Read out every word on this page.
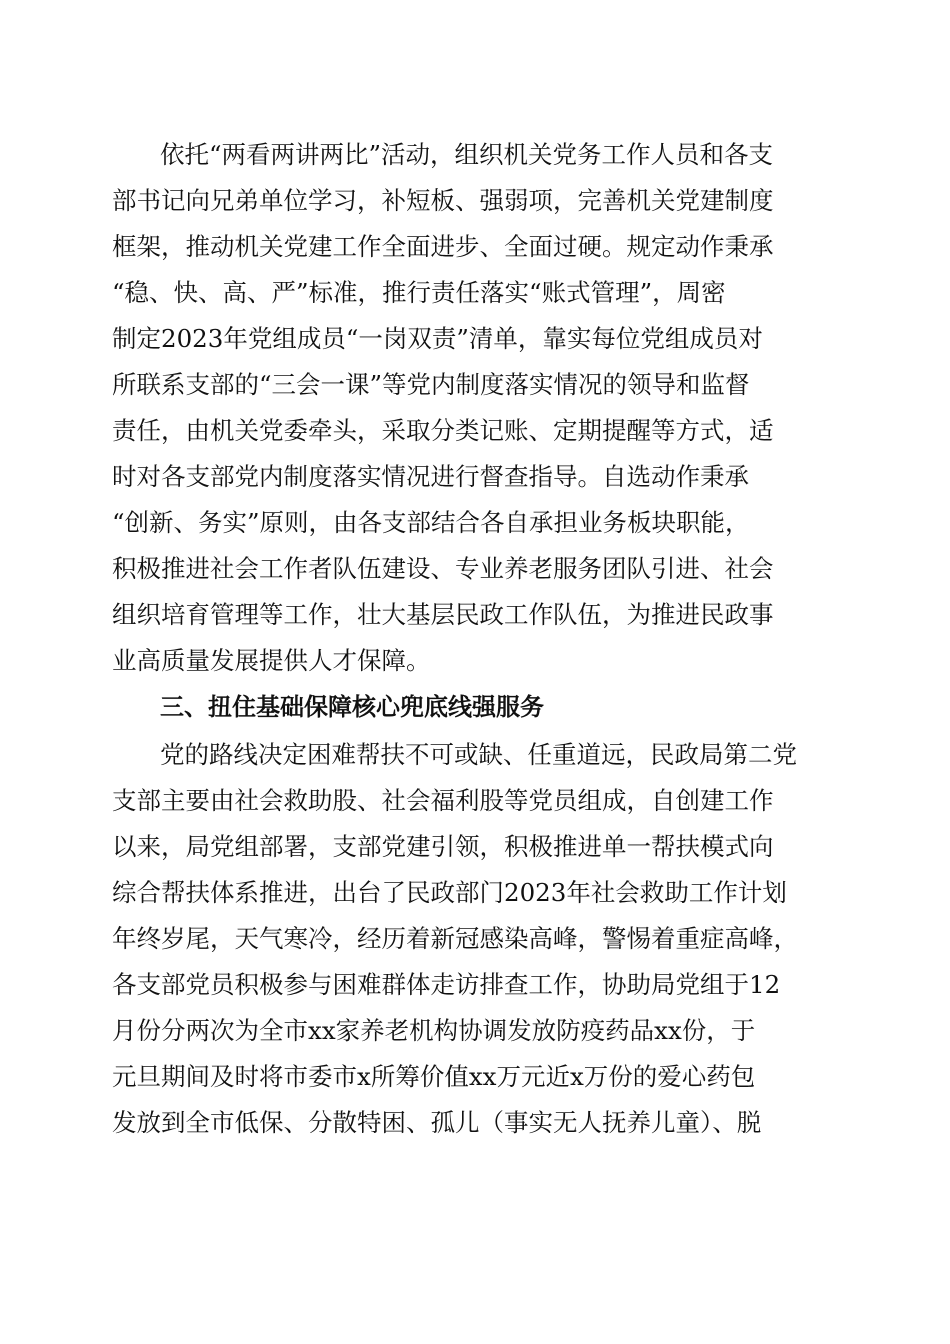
依托“两看两讲两比”活动，组织机关党务工作人员和各支
部书记向兄弟单位学习，补短板、强弱项，完善机关党建制度
框架，推动机关党建工作全面进步、全面过硬。规定动作秉承
“稳、快、高、严”标准，推行责任落实“账式管理”，周密
制定2023年党组成员“一岗双责”清单，靠实每位党组成员对
所联系支部的“三会一课”等党内制度落实情况的领导和监督
责任，由机关党委牵头，采取分类记账、定期提醒等方式，适
时对各支部党内制度落实情况进行督查指导。自选动作秉承
“创新、务实”原则，由各支部结合各自承担业务板块职能，
积极推进社会工作者队伍建设、专业养老服务团队引进、社会
组织培育管理等工作，壮大基层民政工作队伍，为推进民政事
业高质量发展提供人才保障。
三、扭住基础保障核心兜底线强服务
党的路线决定困难帮扶不可或缺、任重道远，民政局第二党
支部主要由社会救助股、社会福利股等党员组成，自创建工作
以来，局党组部署，支部党建引领，积极推进单一帮扶模式向
综合帮扶体系推进，出台了民政部门2023年社会救助工作计划
年终岁尾，天气寒冷，经历着新冠感染高峰，警惕着重症高峰，
各支部党员积极参与困难群体走访排查工作，协助局党组于12
月份分两次为全市xx家养老机构协调发放防疫药品xx份，于
元旦期间及时将市委市x所筹价值xx万元近x万份的爱心药包
发放到全市低保、分散特困、孤儿（事实无人抚养儿童）、脱
